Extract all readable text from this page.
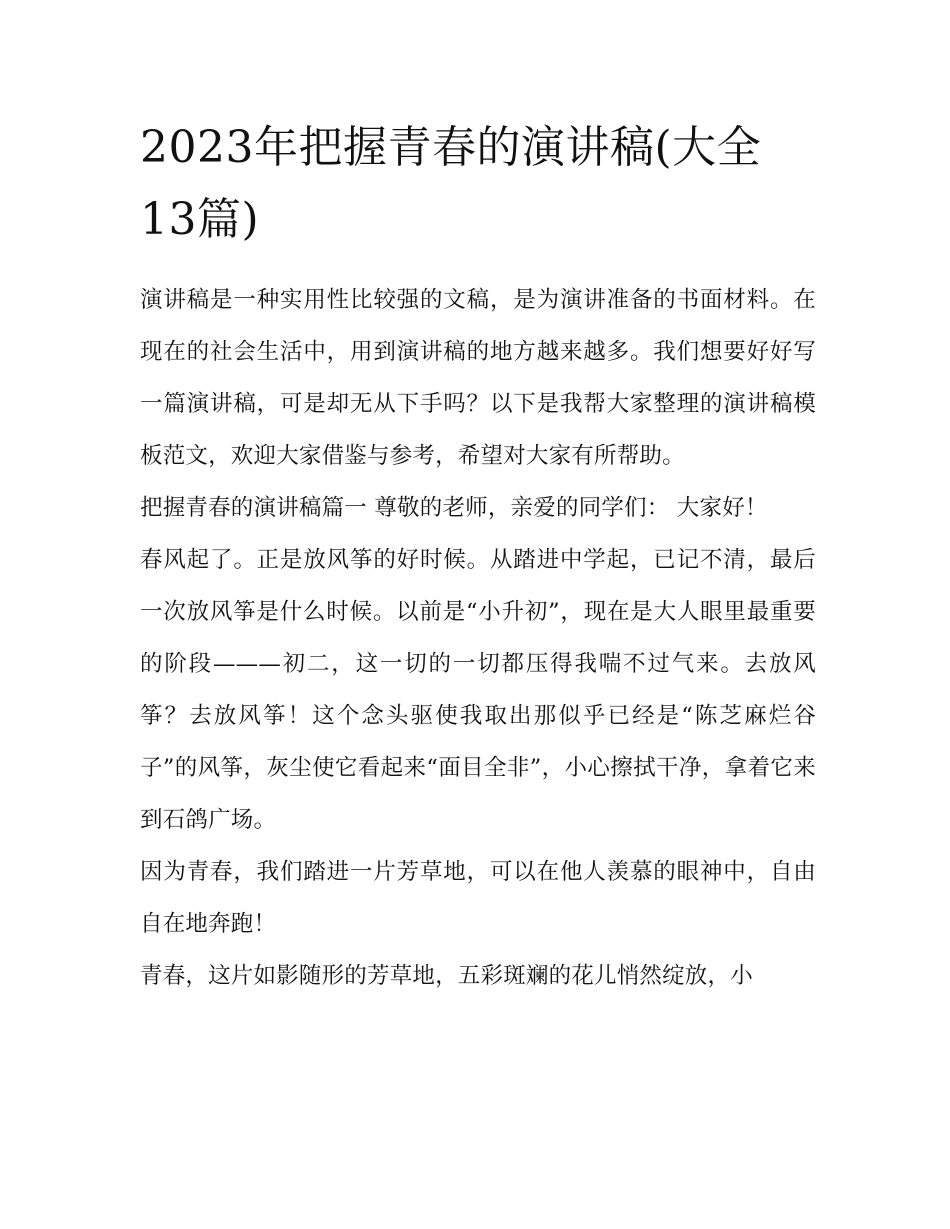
2023年把握青春的演讲稿(大全13篇)

演讲稿是一种实用性比较强的文稿，是为演讲准备的书面材料。在现在的社会生活中，用到演讲稿的地方越来越多。我们想要好好写一篇演讲稿，可是却无从下手吗？以下是我帮大家整理的演讲稿模板范文，欢迎大家借鉴与参考，希望对大家有所帮助。

把握青春的演讲稿篇一 尊敬的老师，亲爱的同学们： 大家好！

春风起了。正是放风筝的好时候。从踏进中学起，已记不清，最后一次放风筝是什么时候。以前是“小升初”，现在是大人眼里最重要的阶段———初二，这一切的一切都压得我喘不过气来。去放风筝？去放风筝！这个念头驱使我取出那似乎已经是“陈芝麻烂谷子”的风筝，灰尘使它看起来“面目全非”，小心擦拭干净，拿着它来到石鸽广场。

因为青春，我们踏进一片芳草地，可以在他人羡慕的眼神中，自由自在地奔跑！

青春，这片如影随形的芳草地，五彩斑斓的花儿悄然绽放，小
